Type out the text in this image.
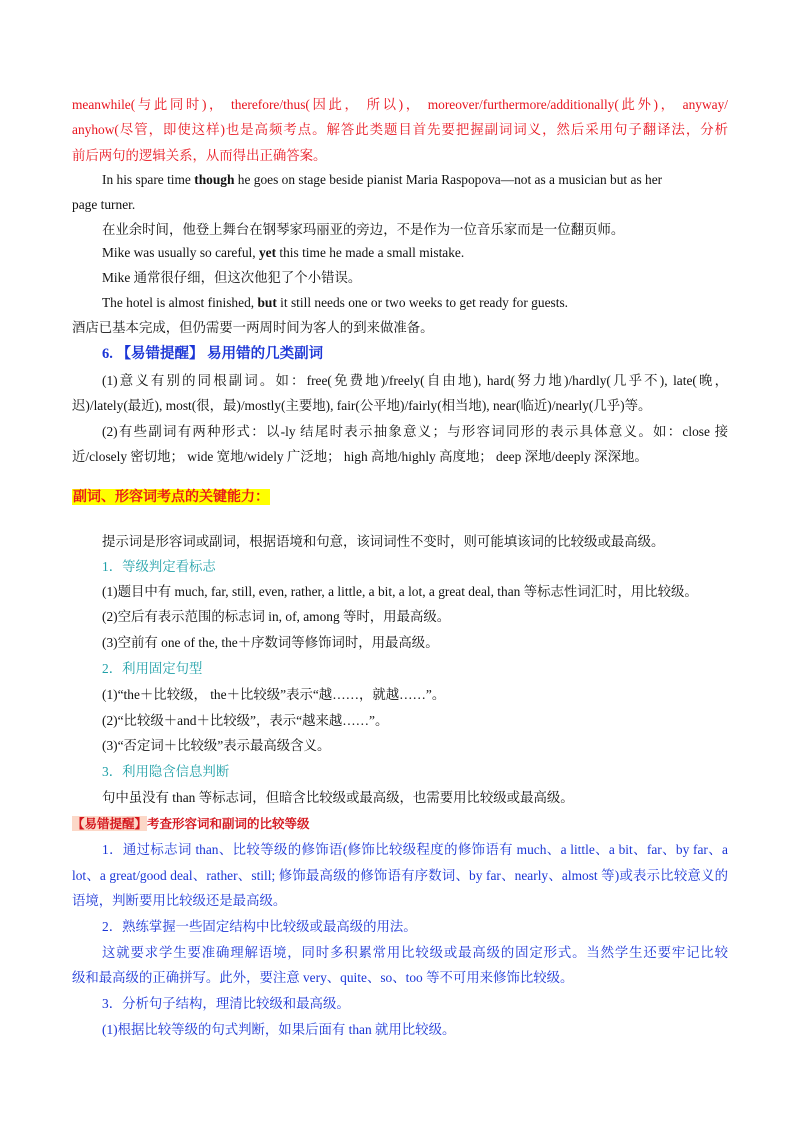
meanwhile(与此同时)， therefore/thus(因此， 所以)， moreover/furthermore/additionally(此外)， anyway/
anyhow(尽管，即使这样)也是高频考点。解答此类题目首先要把握副词词义，然后采用句子翻译法，分析
前后两句的逻辑关系，从而得出正确答案。
In his spare time though he goes on stage beside pianist Maria Raspopova—not as a musician but as her
page turner.
在业余时间，他登上舞台在钢琴家玛丽亚的旁边，不是作为一位音乐家而是一位翻页师。
Mike was usually so careful, yet this time he made a small mistake.
Mike 通常很仔细，但这次他犯了个小错误。
The hotel is almost finished, but it still needs one or two weeks to get ready for guests.
酒店已基本完成，但仍需要一两周时间为客人的到来做准备。
6. 【易错提醒】 易用错的几类副词
(1)意义有别的同根副词。如：free(免费地)/freely(自由地), hard(努力地)/hardly(几乎不), late(晚，
迟)/lately(最近), most(很，最)/mostly(主要地), fair(公平地)/fairly(相当地), near(临近)/nearly(几乎)等。
(2)有些副词有两种形式：以-ly 结尾时表示抽象意义；与形容词同形的表示具体意义。如：close 接
近/closely 密切地； wide 宽地/widely 广泛地； high 高地/highly 高度地； deep 深地/deeply 深深地。
副词、形容词考点的关键能力：
提示词是形容词或副词，根据语境和句意，该词词性不变时，则可能填该词的比较级或最高级。
1．等级判定看标志
(1)题目中有 much, far, still, even, rather, a little, a bit, a lot, a great deal, than 等标志性词汇时，用比较级。
(2)空后有表示范围的标志词 in, of, among 等时，用最高级。
(3)空前有 one of the, the＋序数词等修饰词时，用最高级。
2．利用固定句型
(1)“the＋比较级， the＋比较级”表示“越……，就越……”。
(2)“比较级＋and＋比较级”，表示“越来越……”。
(3)“否定词＋比较级”表示最高级含义。
3．利用隐含信息判断
句中虽没有 than 等标志词，但暗含比较级或最高级，也需要用比较级或最高级。
【易错提醒】考查形容词和副词的比较等级
1．通过标志词 than、比较等级的修饰语(修饰比较级程度的修饰语有 much、a little、a bit、far、by far、a
lot、a great/good deal、rather、still; 修饰最高级的修饰语有序数词、by far、nearly、almost 等)或表示比较意义的
语境，判断要用比较级还是最高级。
2．熟练掌握一些固定结构中比较级或最高级的用法。
这就要求学生要准确理解语境，同时多积累常用比较级或最高级的固定形式。当然学生还要牢记比较
级和最高级的正确拼写。此外，要注意 very、quite、so、too 等不可用来修饰比较级。
3．分析句子结构，理清比较级和最高级。
(1)根据比较等级的句式判断，如果后面有 than 就用比较级。
